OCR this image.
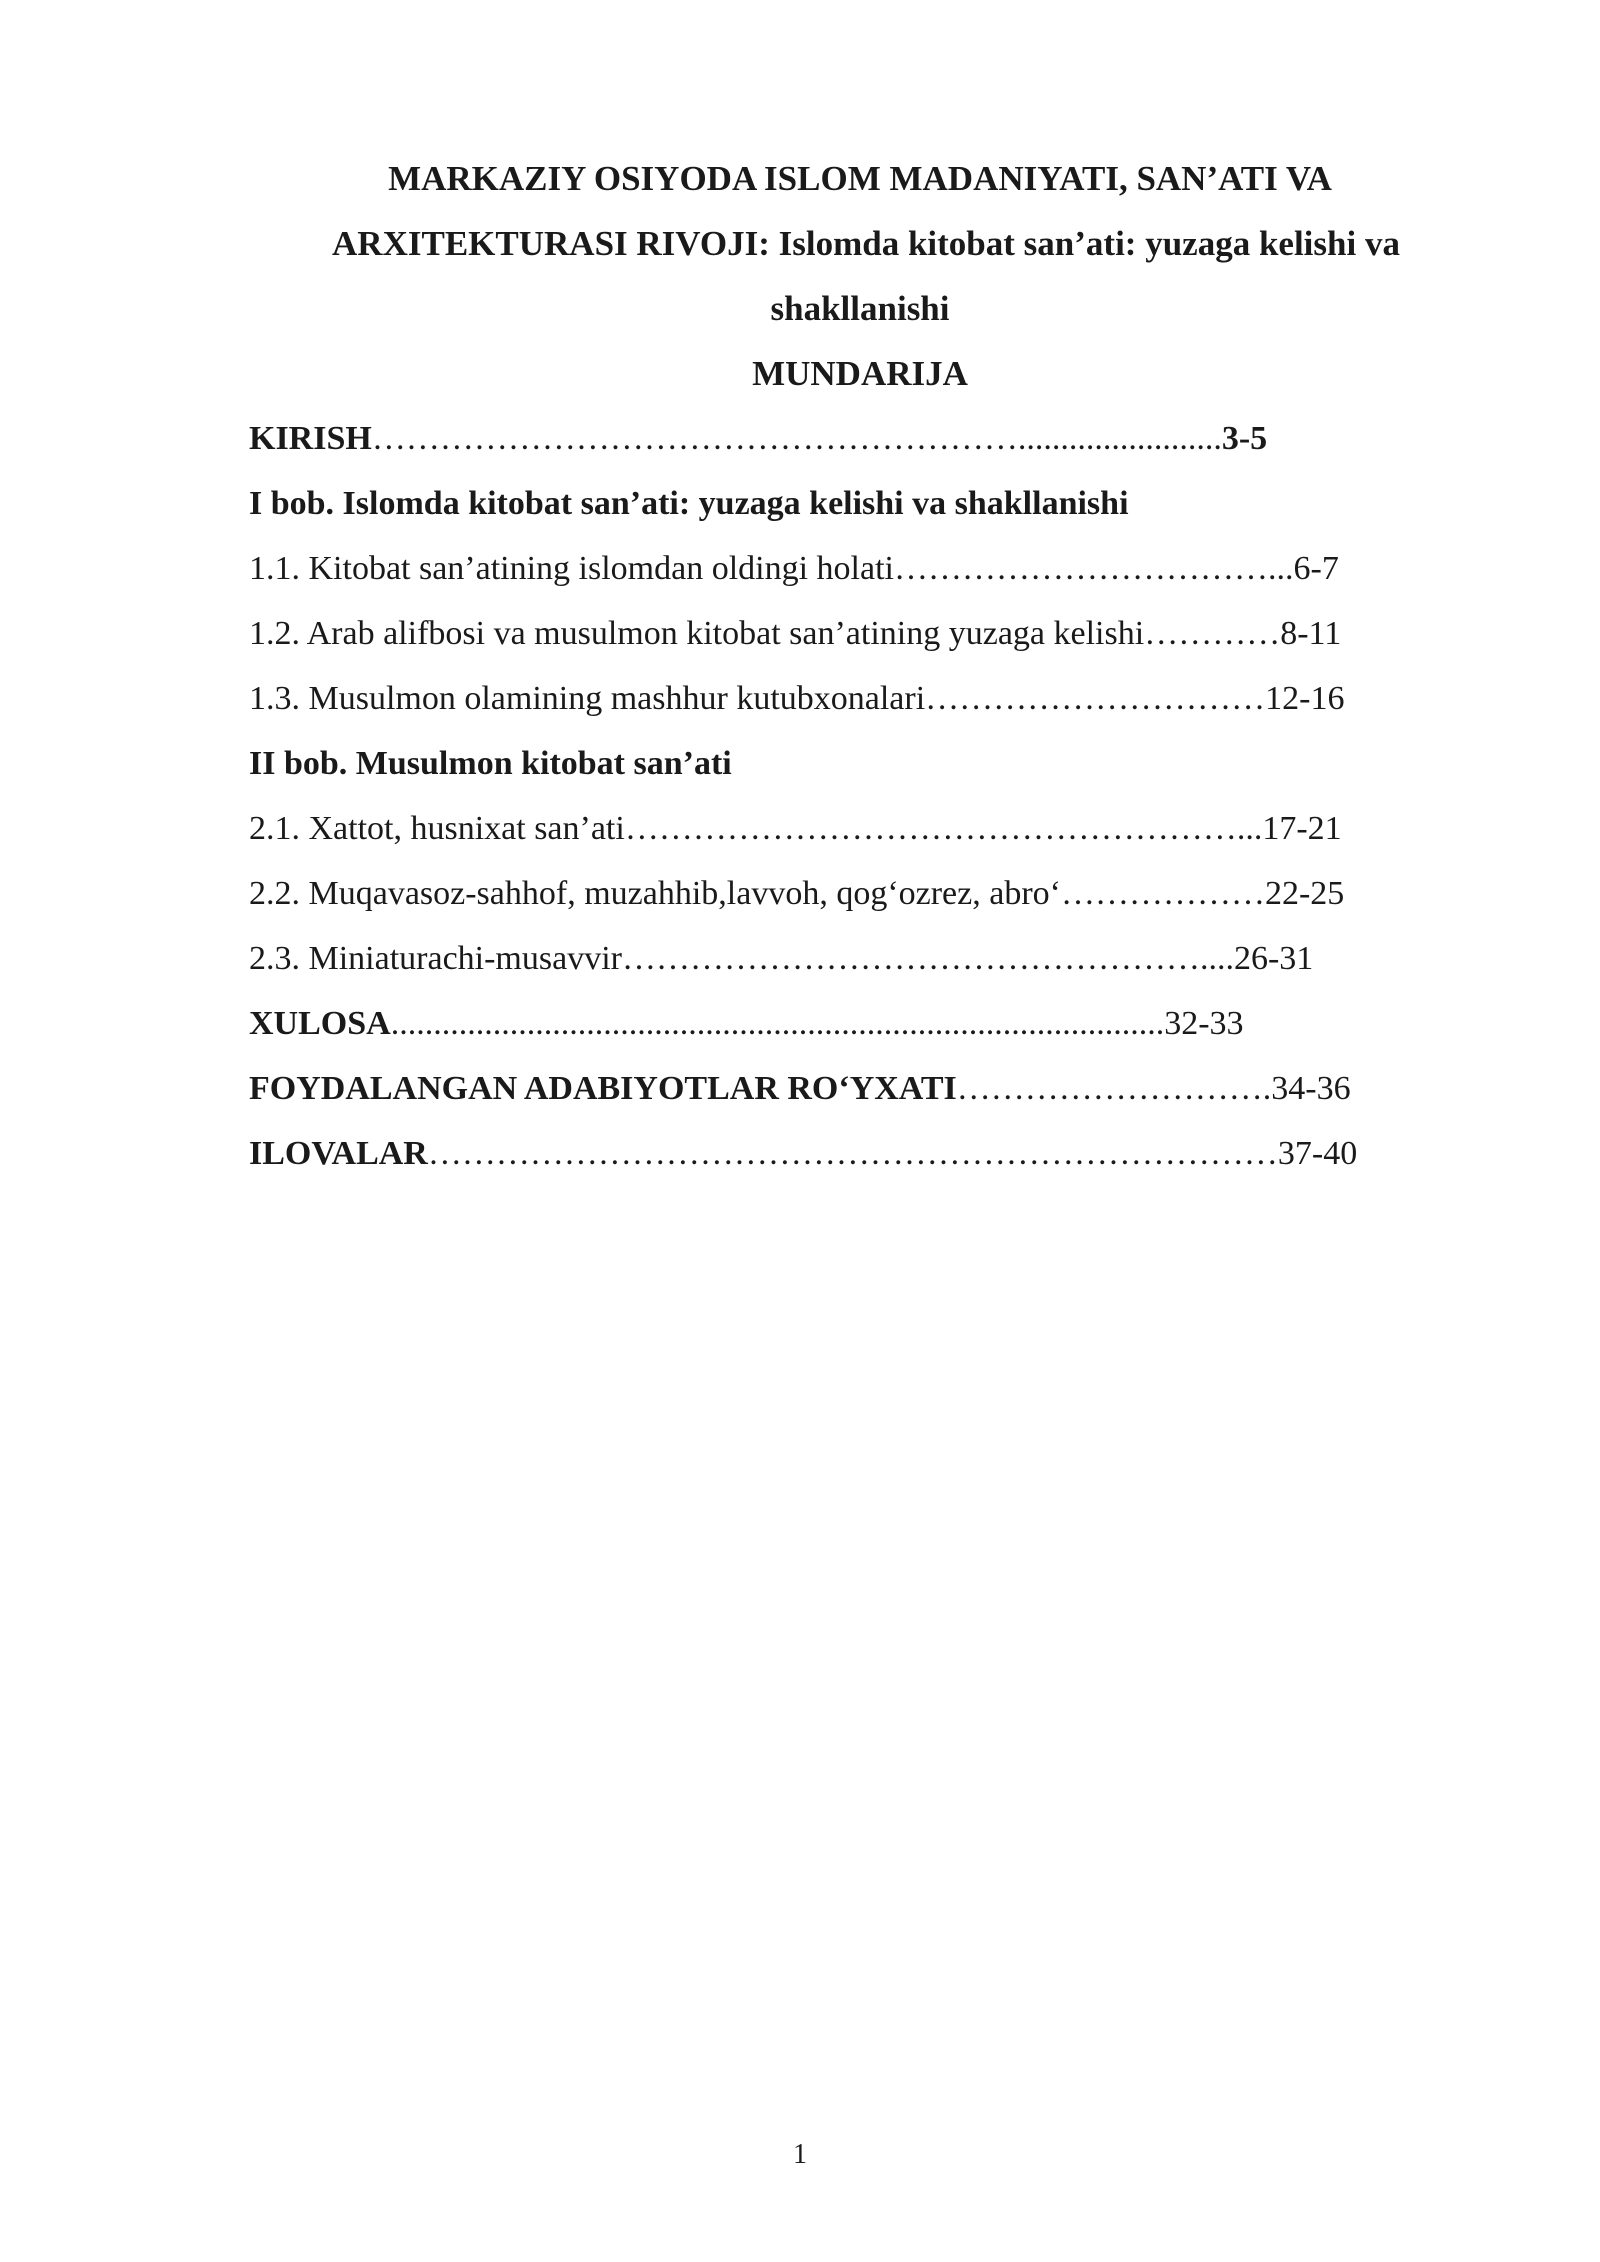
MARKAZIY OSIYODA ISLOM MADANIYATI, SAN’ATI VA
ARXITEKTURASI RIVOJI: Islomda kitobat san’ati: yuzaga kelishi va
shakllanishi
MUNDARIJA
KIRISH…………………………………………………........................3-5
I bob. Islomda kitobat san’ati: yuzaga kelishi va shakllanishi
1.1. Kitobat san’atining islomdan oldingi holati……………………………...6-7
1.2. Arab alifbosi va musulmon kitobat san’atining yuzaga kelishi…………8-11
1.3. Musulmon olamining mashhur kutubxonalari…………………………12-16
II bob. Musulmon kitobat san’ati
2.1. Xattot, husnixat san’ati………………………………………………...17-21
2.2. Muqavasoz-sahhof, muzahhib,lavvoh, qog‘ozrez, abro‘………………22-25
2.3. Miniaturachi-musavvir……………………………………………....26-31
XULOSA...........................................................................................32-33
FOYDALANGAN ADABIYOTLAR RO‘YXATI……………………….34-36
ILOVALAR…………………………………………………………………37-40
1
